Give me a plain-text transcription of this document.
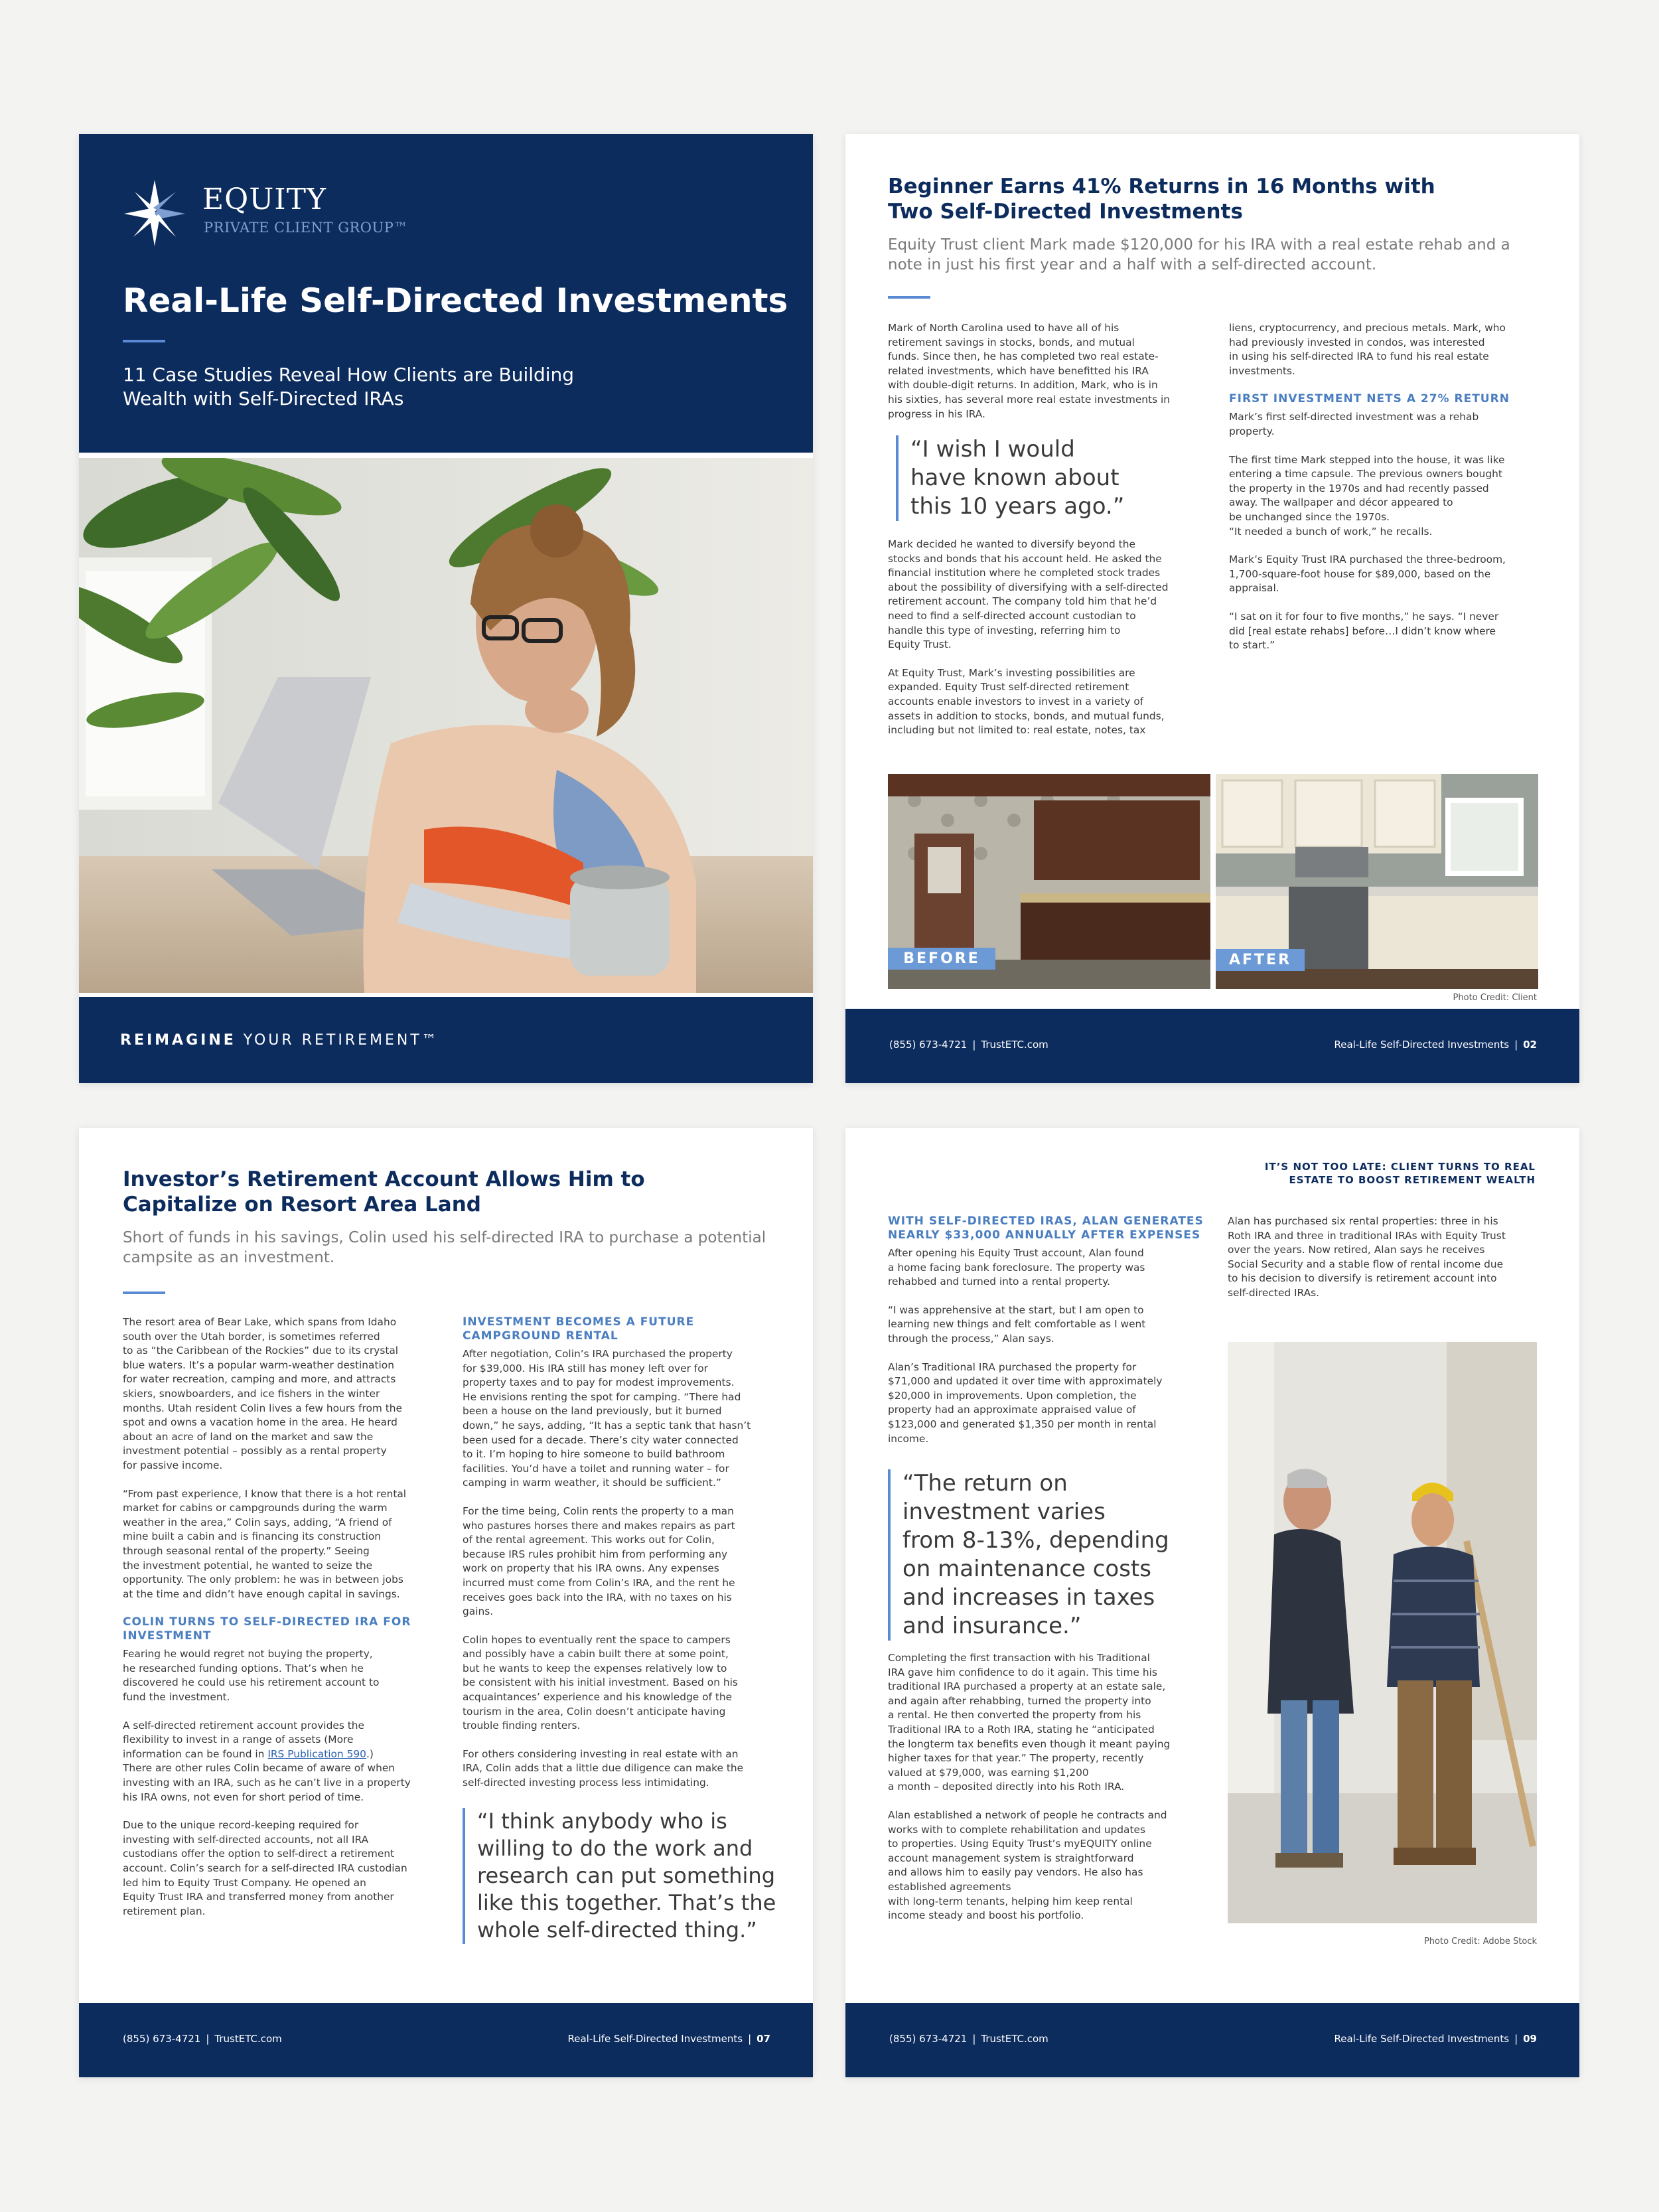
EQUITY
PRIVATE CLIENT GROUP™
Real-Life Self-Directed Investments
11 Case Studies Reveal How Clients are Building Wealth with Self-Directed IRAs
REIMAGINE YOUR RETIREMENT™
Beginner Earns 41% Returns in 16 Months with Two Self-Directed Investments
Equity Trust client Mark made $120,000 for his IRA with a real estate rehab and a note in just his first year and a half with a self-directed account.

Mark of North Carolina used to have all of his
retirement savings in stocks, bonds, and mutual
funds. Since then, he has completed two real estate-
related investments, which have benefitted his IRA
with double-digit returns. In addition, Mark, who is in
his sixties, has several more real estate investments in
progress in his IRA.

“I wish I would
have known about
this 10 years ago.”

Mark decided he wanted to diversify beyond the
stocks and bonds that his account held. He asked the
financial institution where he completed stock trades
about the possibility of diversifying with a self-directed
retirement account. The company told him that he’d
need to find a self-directed account custodian to
handle this type of investing, referring him to
Equity Trust.

At Equity Trust, Mark’s investing possibilities are
expanded. Equity Trust self-directed retirement
accounts enable investors to invest in a variety of
assets in addition to stocks, bonds, and mutual funds,
including but not limited to: real estate, notes, tax

liens, cryptocurrency, and precious metals. Mark, who
had previously invested in condos, was interested
in using his self-directed IRA to fund his real estate
investments.

FIRST INVESTMENT NETS A 27% RETURN

Mark’s first self-directed investment was a rehab
property.

The first time Mark stepped into the house, it was like
entering a time capsule. The previous owners bought
the property in the 1970s and had recently passed
away. The wallpaper and décor appeared to
be unchanged since the 1970s.
“It needed a bunch of work,” he recalls.

Mark’s Equity Trust IRA purchased the three-bedroom,
1,700-square-foot house for $89,000, based on the
appraisal.

“I sat on it for four to five months,” he says. “I never
did [real estate rehabs] before…I didn’t know where
to start.”

BEFORE	AFTER
Photo Credit: Client
(855) 673-4721 | TrustETC.com	Real-Life Self-Directed Investments | 02
Investor’s Retirement Account Allows Him to Capitalize on Resort Area Land
Short of funds in his savings, Colin used his self-directed IRA to purchase a potential campsite as an investment.

The resort area of Bear Lake, which spans from Idaho
south over the Utah border, is sometimes referred
to as “the Caribbean of the Rockies” due to its crystal
blue waters. It’s a popular warm-weather destination
for water recreation, camping and more, and attracts
skiers, snowboarders, and ice fishers in the winter
months. Utah resident Colin lives a few hours from the
spot and owns a vacation home in the area. He heard
about an acre of land on the market and saw the
investment potential – possibly as a rental property
for passive income.

“From past experience, I know that there is a hot rental
market for cabins or campgrounds during the warm
weather in the area,” Colin says, adding, “A friend of
mine built a cabin and is financing its construction
through seasonal rental of the property.” Seeing
the investment potential, he wanted to seize the
opportunity. The only problem: he was in between jobs
at the time and didn’t have enough capital in savings.

COLIN TURNS TO SELF-DIRECTED IRA FOR
INVESTMENT

Fearing he would regret not buying the property,
he researched funding options. That’s when he
discovered he could use his retirement account to
fund the investment.

A self-directed retirement account provides the
flexibility to invest in a range of assets (More
information can be found in IRS Publication 590.)
There are other rules Colin became of aware of when
investing with an IRA, such as he can’t live in a property
his IRA owns, not even for short period of time.

Due to the unique record-keeping required for
investing with self-directed accounts, not all IRA
custodians offer the option to self-direct a retirement
account. Colin’s search for a self-directed IRA custodian
led him to Equity Trust Company. He opened an
Equity Trust IRA and transferred money from another
retirement plan.

INVESTMENT BECOMES A FUTURE
CAMPGROUND RENTAL

After negotiation, Colin’s IRA purchased the property
for $39,000. His IRA still has money left over for
property taxes and to pay for modest improvements.
He envisions renting the spot for camping. “There had
been a house on the land previously, but it burned
down,” he says, adding, “It has a septic tank that hasn’t
been used for a decade. There’s city water connected
to it. I’m hoping to hire someone to build bathroom
facilities. You’d have a toilet and running water – for
camping in warm weather, it should be sufficient.”

For the time being, Colin rents the property to a man
who pastures horses there and makes repairs as part
of the rental agreement. This works out for Colin,
because IRS rules prohibit him from performing any
work on property that his IRA owns. Any expenses
incurred must come from Colin’s IRA, and the rent he
receives goes back into the IRA, with no taxes on his
gains.

Colin hopes to eventually rent the space to campers
and possibly have a cabin built there at some point,
but he wants to keep the expenses relatively low to
be consistent with his initial investment. Based on his
acquaintances’ experience and his knowledge of the
tourism in the area, Colin doesn’t anticipate having
trouble finding renters.

For others considering investing in real estate with an
IRA, Colin adds that a little due diligence can make the
self-directed investing process less intimidating.

“I think anybody who is
willing to do the work and
research can put something
like this together. That’s the
whole self-directed thing.”
(855) 673-4721 | TrustETC.com	Real-Life Self-Directed Investments | 07
IT’S NOT TOO LATE: CLIENT TURNS TO REAL
ESTATE TO BOOST RETIREMENT WEALTH
WITH SELF-DIRECTED IRAS, ALAN GENERATES
NEARLY $33,000 ANNUALLY AFTER EXPENSES

After opening his Equity Trust account, Alan found
a home facing bank foreclosure. The property was
rehabbed and turned into a rental property.

“I was apprehensive at the start, but I am open to
learning new things and felt comfortable as I went
through the process,” Alan says.

Alan’s Traditional IRA purchased the property for
$71,000 and updated it over time with approximately
$20,000 in improvements. Upon completion, the
property had an approximate appraised value of
$123,000 and generated $1,350 per month in rental
income.

“The return on
investment varies
from 8-13%, depending
on maintenance costs
and increases in taxes
and insurance.”

Completing the first transaction with his Traditional
IRA gave him confidence to do it again. This time his
traditional IRA purchased a property at an estate sale,
and again after rehabbing, turned the property into
a rental. He then converted the property from his
Traditional IRA to a Roth IRA, stating he “anticipated
the longterm tax benefits even though it meant paying
higher taxes for that year.” The property, recently
valued at $79,000, was earning $1,200
a month – deposited directly into his Roth IRA.

Alan established a network of people he contracts and
works with to complete rehabilitation and updates
to properties. Using Equity Trust’s myEQUITY online
account management system is straightforward
and allows him to easily pay vendors. He also has
established agreements
with long-term tenants, helping him keep rental
income steady and boost his portfolio.

Alan has purchased six rental properties: three in his
Roth IRA and three in traditional IRAs with Equity Trust
over the years. Now retired, Alan says he receives
Social Security and a stable flow of rental income due
to his decision to diversify is retirement account into
self-directed IRAs.

Photo Credit: Adobe Stock
(855) 673-4721 | TrustETC.com	Real-Life Self-Directed Investments | 09
